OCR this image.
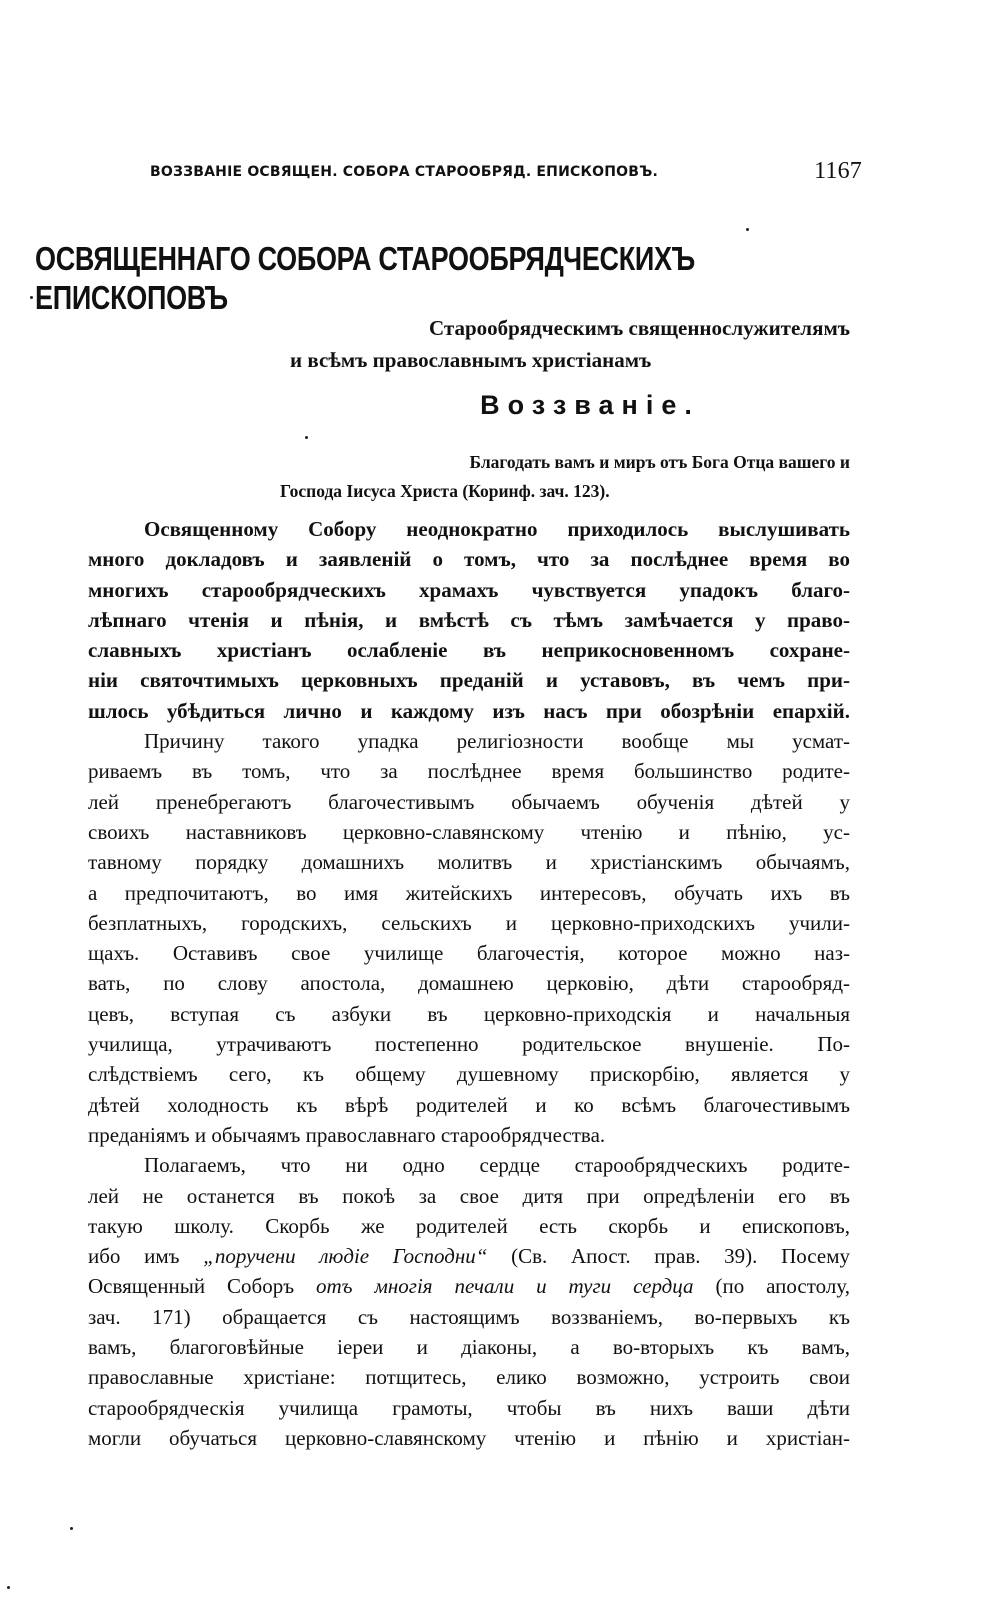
ВОЗЗВАНІЕ ОСВЯЩЕН. СОБОРА СТАРООБРЯД. ЕПИСКОПОВЪ.	1167
ОСВЯЩЕННАГО СОБОРА СТАРООБРЯДЧЕСКИХЪ ЕПИСКОПОВЪ
Старообрядческимъ священнослужителямъ
и всѣмъ православнымъ христіанамъ
Воззваніе.
Благодать вамъ и миръ отъ Бога Отца вашего и
Господа Іисуса Христа (Коринф. зач. 123).
Освященному Собору неоднократно приходилось выслушивать
много докладовъ и заявленій о томъ, что за послѣднее время во
многихъ старообрядческихъ храмахъ чувствуется упадокъ благо-
лѣпнаго чтенія и пѣнія, и вмѣстѣ съ тѣмъ замѣчается у право-
славныхъ христіанъ ослабленіе въ неприкосновенномъ сохране-
ніи святочтимыхъ церковныхъ преданій и уставовъ, въ чемъ при-
шлось убѣдиться лично и каждому изъ насъ при обозрѣніи епархій.
Причину такого упадка религіозности вообще мы усмат-
риваемъ въ томъ, что за послѣднее время большинство родите-
лей пренебрегаютъ благочестивымъ обычаемъ обученія дѣтей у
своихъ наставниковъ церковно-славянскому чтенію и пѣнію, ус-
тавному порядку домашнихъ молитвъ и христіанскимъ обычаямъ,
а предпочитаютъ, во имя житейскихъ интересовъ, обучать ихъ въ
безплатныхъ, городскихъ, сельскихъ и церковно-приходскихъ учили-
щахъ. Оставивъ свое училище благочестія, которое можно наз-
вать, по слову апостола, домашнею церковію, дѣти старообряд-
цевъ, вступая съ азбуки въ церковно-приходскія и начальныя
училища, утрачиваютъ постепенно родительское внушеніе. По-
слѣдствіемъ сего, къ общему душевному прискорбію, является у
дѣтей холодность къ вѣрѣ родителей и ко всѣмъ благочестивымъ
преданіямъ и обычаямъ православнаго старообрядчества.
Полагаемъ, что ни одно сердце старообрядческихъ родите-
лей не останется въ покоѣ за свое дитя при опредѣленіи его въ
такую школу. Скорбь же родителей есть скорбь и епископовъ,
ибо имъ „поручени людіе Господни“ (Св. Апост. прав. 39). Посему
Освященный Соборъ отъ многія печали и туги сердца (по апостолу,
зач. 171) обращается съ настоящимъ воззваніемъ, во-первыхъ къ
вамъ, благоговѣйные іереи и діаконы, а во-вторыхъ къ вамъ,
православные христіане: потщитесь, елико возможно, устроить свои
старообрядческія училища грамоты, чтобы въ нихъ ваши дѣти
могли обучаться церковно-славянскому чтенію и пѣнію и христіан-
